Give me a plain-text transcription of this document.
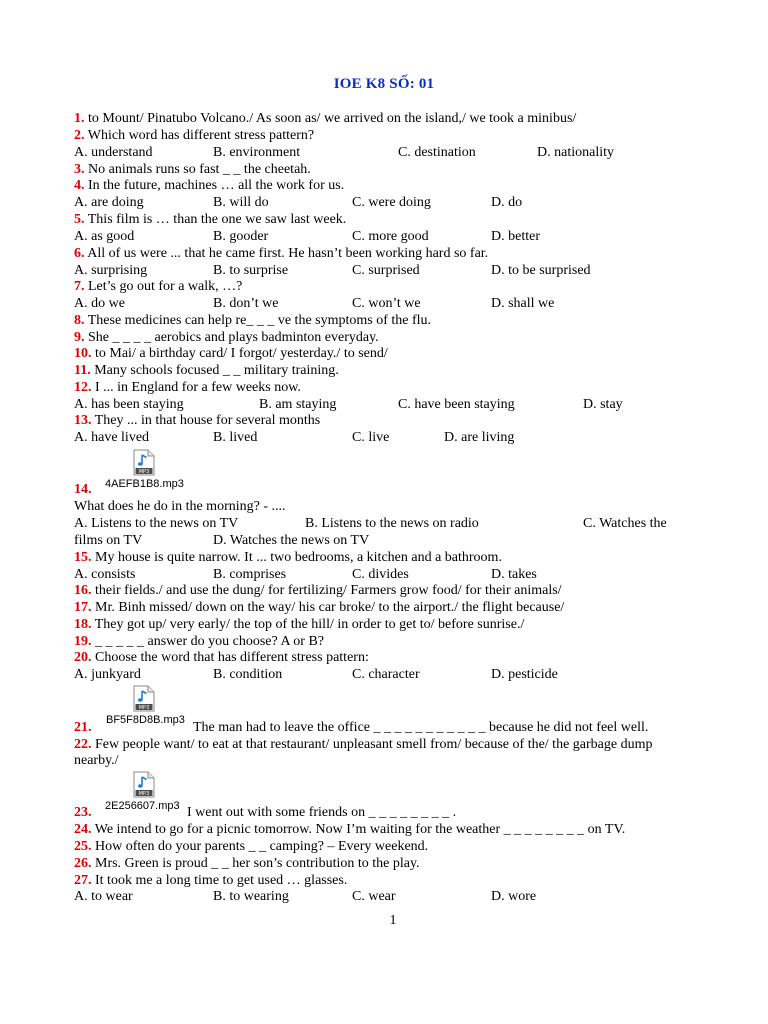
IOE K8 SỐ: 01
1. to Mount/ Pinatubo Volcano./ As soon as/ we arrived on the island,/ we took a minibus/
2. Which word has different stress pattern?
A. understand	B. environment	C. destination	D. nationality
3. No animals runs so fast _ _ the cheetah.
4. In the future, machines … all the work for us.
A. are doing	B. will do	C. were doing	D. do
5. This film is … than the one we saw last week.
A. as good	B. gooder	C. more good	D. better
6. All of us were ... that he came first. He hasn’t been working hard so far.
A. surprising	B. to surprise	C. surprised	D. to be surprised
7. Let’s go out for a walk, …?
A. do we	B. don’t we	C. won’t we	D. shall we
8. These medicines can help re_ _ _ ve the symptoms of the flu.
9. She _ _ _ _ aerobics and plays badminton everyday.
10. to Mai/ a birthday card/ I forgot/ yesterday./ to send/
11. Many schools focused _ _ military training.
12. I ... in England for a few weeks now.
A. has been staying	B. am staying	C. have been staying	D. stay
13. They ... in that house for several months
A. have lived	B. lived	C. live	D. are living
MP3
4AEFB1B8.mp3
14.
What does he do in the morning? - ....
A. Listens to the news on TV	B. Listens to the news on radio	C. Watches the
films on TV	D. Watches the news on TV
15. My house is quite narrow. It ... two bedrooms, a kitchen and a bathroom.
A. consists	B. comprises	C. divides	D. takes
16. their fields./ and use the dung/ for fertilizing/ Farmers grow food/ for their animals/
17. Mr. Binh missed/ down on the way/ his car broke/ to the airport./ the flight because/
18. They got up/ very early/ the top of the hill/ in order to get to/ before sunrise./
19. _ _ _ _ _ answer do you choose? A or B?
20. Choose the word that has different stress pattern:
A. junkyard	B. condition	C. character	D. pesticide
MP3
BF5F8D8B.mp3
21.	The man had to leave the office _ _ _ _ _ _ _ _ _ _ _ because he did not feel well.
22. Few people want/ to eat at that restaurant/ unpleasant smell from/ because of the/ the garbage dump
nearby./
MP3
2E256607.mp3
23.	I went out with some friends on _ _ _ _ _ _ _ _ .
24. We intend to go for a picnic tomorrow. Now I’m waiting for the weather _ _ _ _ _ _ _ _ on TV.
25. How often do your parents _ _ camping? – Every weekend.
26. Mrs. Green is proud _ _ her son’s contribution to the play.
27. It took me a long time to get used … glasses.
A. to wear	B. to wearing	C. wear	D. wore
1
